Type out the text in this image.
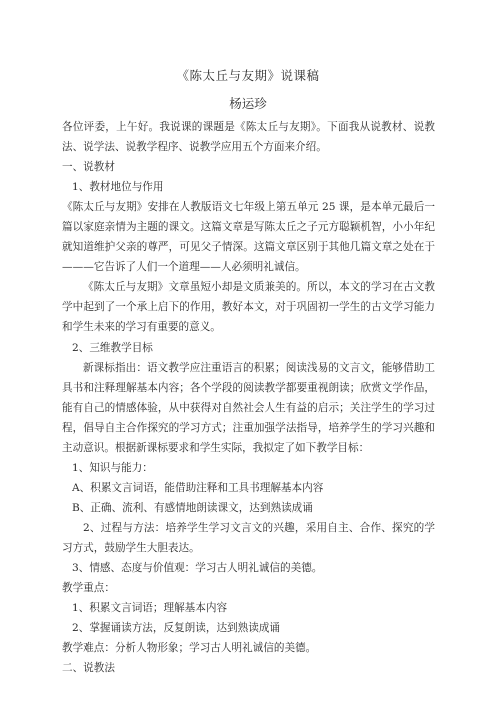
《陈太丘与友期》说课稿
杨运珍

各位评委，上午好。我说课的课题是《陈太丘与友期》。下面我从说教材、说教法、说学法、说教学程序、说教学应用五个方面来介绍。

一、说教材

1、教材地位与作用

《陈太丘与友期》安排在人教版语文七年级上第五单元 25 课，是本单元最后一篇以家庭亲情为主题的课文。这篇文章是写陈太丘之子元方聪颖机智，小小年纪就知道维护父亲的尊严，可见父子情深。这篇文章区别于其他几篇文章之处在于———它告诉了人们一个道理——人必须明礼诚信。

《陈太丘与友期》文章虽短小却是文质兼美的。所以，本文的学习在古文教学中起到了一个承上启下的作用，教好本文，对于巩固初一学生的古文学习能力和学生未来的学习有重要的意义。

2、三维教学目标

新课标指出：语文教学应注重语言的积累；阅读浅易的文言文，能够借助工具书和注释理解基本内容；各个学段的阅读教学都要重视朗读；欣赏文学作品，能有自己的情感体验，从中获得对自然社会人生有益的启示；关注学生的学习过程，倡导自主合作探究的学习方式；注重加强学法指导，培养学生的学习兴趣和主动意识。根据新课标要求和学生实际，我拟定了如下教学目标：

1、知识与能力：

A、积累文言词语，能借助注释和工具书理解基本内容

B、正确、流利、有感情地朗读课文，达到熟读成诵

2、过程与方法：培养学生学习文言文的兴趣，采用自主、合作、探究的学习方式，鼓励学生大胆表达。

3、情感、态度与价值观：学习古人明礼诚信的美德。

教学重点：

1、积累文言词语；理解基本内容

2、掌握诵读方法，反复朗读，达到熟读成诵

教学难点：分析人物形象；学习古人明礼诚信的美德。

二、说教法
